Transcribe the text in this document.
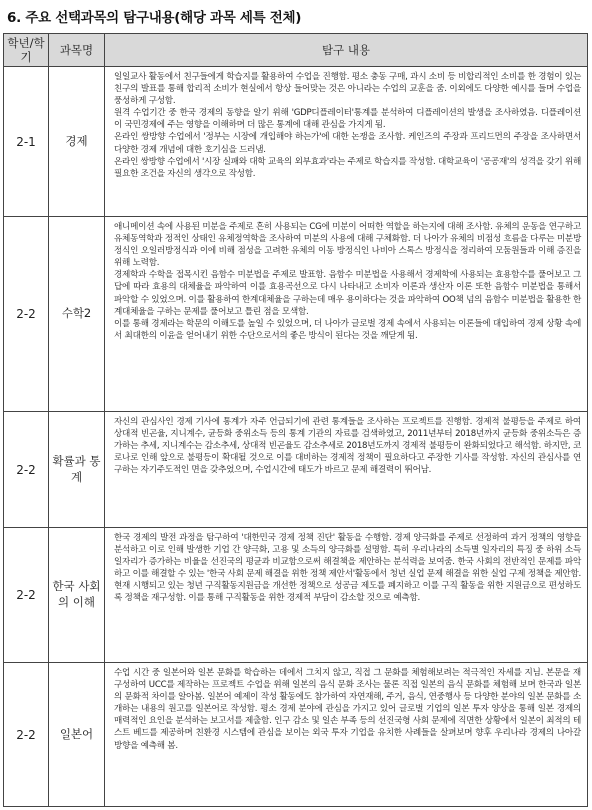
6. 주요 선택과목의 탐구내용(해당 과목 세특 전체)
학년/학기	과목명	탐구 내용
2-1	경제	일일교사 활동에서 친구들에게 학습지를 활용하여 수업을 진행함. 평소 충동 구매, 과시 소비 등 비합리적인 소비를 한 경험이 있는 친구의 발표를 통해 합리적 소비가 현실에서 항상 들어맞는 것은 아니라는 수업의 교훈을 줌. 이외에도 다양한 예시를 들며 수업을 풍성하게 구성함.

원격 수업기간 중 한국 경제의 동향을 알기 위해 'GDP디플레이터'통계를 분석하여 디플레이션의 발생을 조사하였음. 디플레이션이 국민경제에 주는 영향을 이해하며 더 많은 통계에 대해 관심을 가지게 됨.

온라인 쌍방향 수업에서 '정부는 시장에 개입해야 하는가'에 대한 논쟁을 조사함. 케인즈의 주장과 프리드먼의 주장을 조사하면서 다양한 경제 개념에 대한 호기심을 드러냄.

온라인 쌍방향 수업에서 '시장 실패와 대학 교육의 외부효과'라는 주제로 학습지를 작성함. 대학교육이 '공공재'의 성격을 갖기 위해 필요한 조건을 자신의 생각으로 작성함.

2-2	수학2	애니메이션 속에 사용된 미분을 주제로 흔히 사용되는 CG에 미분이 어떠한 역할을 하는지에 대해 조사함. 유체의 운동을 연구하고 유체동역학과 정적인 상태인 유체정역학을 조사하여 미분의 사용에 대해 구체화함. 더 나아가 유체의 비점성 흐름을 다루는 미분방정식인 오일러방정식과 이에 비해 점성을 고려한 유체의 이동 방정식인 나비아 스톡스 방정식을 정리하여 모둠원들과 이해 증진을 위해 노력함.

경제학과 수학을 접목시킨 음함수 미분법을 주제로 발표함. 음함수 미분법을 사용해서 경제학에 사용되는 효용함수를 풀어보고 그 답에 따라 효용의 대체율을 파악하여 이를 효용곡선으로 다시 나타내고 소비자 이론과 생산자 이론 또한 음함수 미분법을 통해서 파악할 수 있었으며. 이를 활용하여 한계대체율을 구하는데 매우 용이하다는 것을 파악하여 OO책 넘의 음함수 미분법을 활용한 한계대체율을 구하는 문제를 풀어보고 틀린 점을 모색함.

이를 통해 경제라는 학문의 이해도를 높일 수 있었으며, 더 나아가 글로벌 경제 속에서 사용되는 이론들에 대입하여 경제 상황 속에서 최대한의 이윤을 얻어내기 위한 수단으로서의 좋은 방식이 된다는 것을 깨닫게 됨.

2-2	확률과 통계	자신의 관심사인 경제 기사에 통계가 자주 언급되기에 관련 통계들을 조사하는 프로젝트를 진행함. 경제적 불평등을 주제로 하여 상대적 빈곤율, 지니계수, 균등화 중위소득 등의 통계 기관의 자료를 검색하였고, 2011년부터 2018년까지 균등화 중위소득은 증가하는 추세, 지니계수는 감소추세, 상대적 빈곤율도 감소추세로 2018년도까지 경제적 불평등이 완화되었다고 해석함. 하지만, 코로나로 인해 앞으로 불평등이 확대될 것으로 이를 대비하는 경제적 정책이 필요하다고 주장한 기사를 작성함. 자신의 관심사를 연구하는 자기주도적인 면을 갖추었으며, 수업시간에 태도가 바르고 문제 해결력이 뛰어남.

2-2	한국 사회의 이해	한국 경제의 발전 과정을 탐구하여 '대한민국 경제 정책 진단' 활동을 수행함. 경제 양극화를 주제로 선정하여 과거 정책의 영향을 분석하고 이로 인해 발생한 기업 간 양극화, 고용 및 소득의 양극화를 설명함. 특히 우리나라의 소득별 일자리의 특징 중 하위 소득 일자리가 증가하는 비율을 선진국의 평균과 비교함으로써 해결책을 제안하는 분석력을 보여줌. 한국 사회의 전반적인 문제를 파악하고 이를 해결할 수 있는 '한국 사회 문제 해결을 위한 정책 제안서'활동에서 청년 실업 문제 해결을 위한 실업 구제 정책을 제안함. 현재 시행되고 있는 청년 구직활동지원금을 개선한 정책으로 성공금 제도를 폐지하고 이를 구직 활동을 위한 지원금으로 편성하도록 정책을 재구성함. 이를 통해 구직활동을 위한 경제적 부담이 감소할 것으로 예측함.

2-2	일본어	수업 시간 중 일본어와 일본 문화를 학습하는 데에서 그치지 않고, 직접 그 문화를 체험해보려는 적극적인 자세를 지님. 본문을 재구성하여 UCC를 제작하는 프로젝트 수업을 위해 일본의 음식 문화 조사는 물론 직접 일본의 음식 문화를 체험해 보며 한국과 일본의 문화적 차이를 알아봄. 일본어 예제이 작성 활동에도 참가하여 자연재해, 주거, 음식, 연중행사 등 다양한 분야의 일본 문화를 소개하는 내용의 원고를 일본어로 작성함. 평소 경제 분야에 관심을 가지고 있어 글로벌 기업의 일본 투자 양상을 통해 일본 경제의 매력적인 요인을 분석하는 보고서를 제출함. 인구 감소 및 일손 부족 등의 선진국형 사회 문제에 직면한 상황에서 일본이 최적의 테스트 베드를 제공하며 친환경 시스템에 관심을 보이는 외국 투자 기업을 유치한 사례들을 살펴보며 향후 우리나라 경제의 나아갈 방향을 예측해 봄.
